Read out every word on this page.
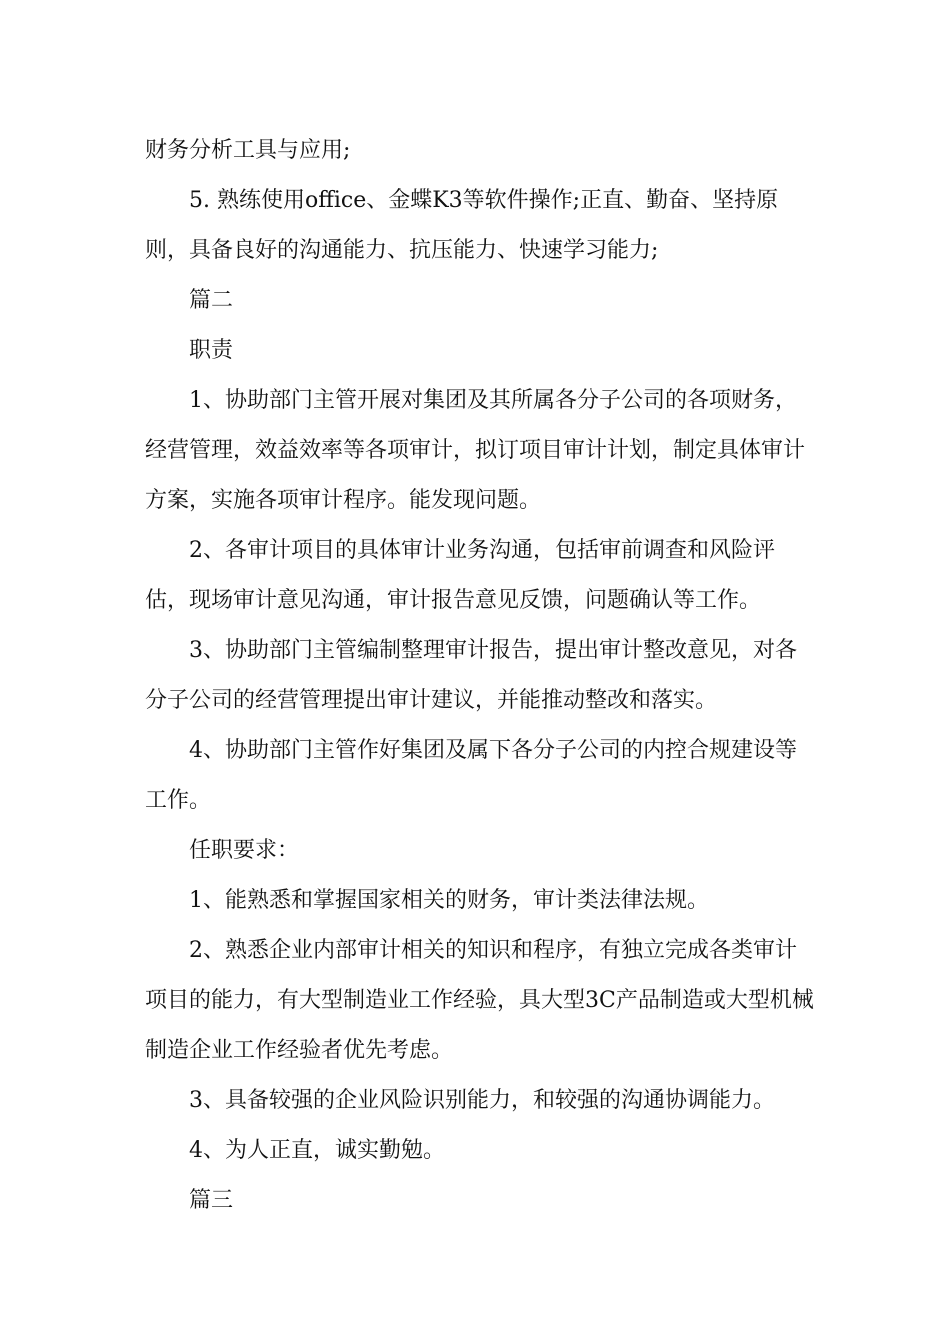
财务分析工具与应用;

5. 熟练使用office、金蝶K3等软件操作;正直、勤奋、坚持原则，具备良好的沟通能力、抗压能力、快速学习能力;

篇二

职责

1、协助部门主管开展对集团及其所属各分子公司的各项财务，经营管理，效益效率等各项审计，拟订项目审计计划，制定具体审计方案，实施各项审计程序。能发现问题。

2、各审计项目的具体审计业务沟通，包括审前调查和风险评估，现场审计意见沟通，审计报告意见反馈，问题确认等工作。

3、协助部门主管编制整理审计报告，提出审计整改意见，对各分子公司的经营管理提出审计建议，并能推动整改和落实。

4、协助部门主管作好集团及属下各分子公司的内控合规建设等工作。

任职要求：

1、能熟悉和掌握国家相关的财务，审计类法律法规。

2、熟悉企业内部审计相关的知识和程序，有独立完成各类审计项目的能力，有大型制造业工作经验，具大型3C产品制造或大型机械制造企业工作经验者优先考虑。

3、具备较强的企业风险识别能力，和较强的沟通协调能力。

4、为人正直，诚实勤勉。

篇三
